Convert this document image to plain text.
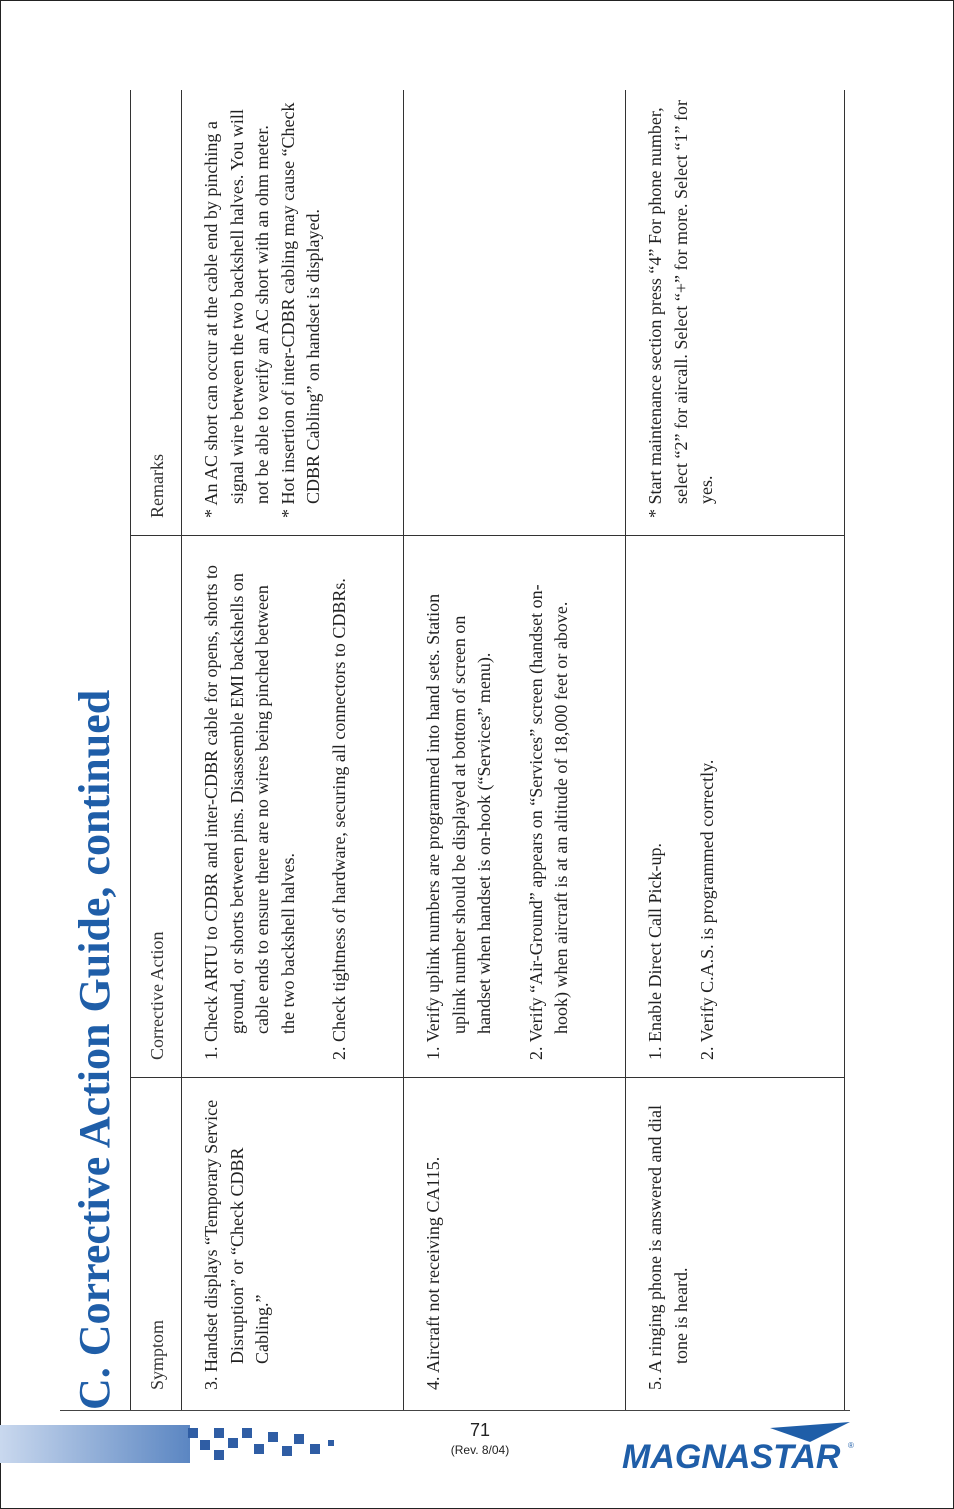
C. Corrective Action Guide, continued	Symptom
Corrective Action
Remarks

3. Handset displays “Temporary Service Disruption” or “Check CDBR Cabling.”

1. Check ARTU to CDBR and inter-CDBR cable for opens, shorts to ground, or shorts between pins. Disassemble EMI backshells on cable ends to ensure there are no wires being pinched between the two backshell halves. 2. Check tightness of hardware, securing all connectors to CDBRs.

* An AC short can occur at the cable end by pinching a signal wire between the two backshell halves. You will not be able to verify an AC short with an ohm meter. * Hot insertion of inter-CDBR cabling may cause “Check CDBR Cabling” on handset is displayed.

4. Aircraft not receiving CA115.

1. Verify uplink numbers are programmed into hand sets. Station uplink number should be displayed at bottom of screen on handset when handset is on-hook (“Services” menu). 2. Verify “Air-Ground” appears on “Services” screen (handset on-hook) when aircraft is at an altitude of 18,000 feet or above.

5. A ringing phone is answered and dial tone is heard.

1. Enable Direct Call Pick-up. 2. Verify C.A.S. is programmed correctly.

* Start maintenance section press “4” For phone number, select “2” for aircall. Select “+” for more. Select “1” for yes.
71
(Rev. 8/04)	MAGNASTAR ®
